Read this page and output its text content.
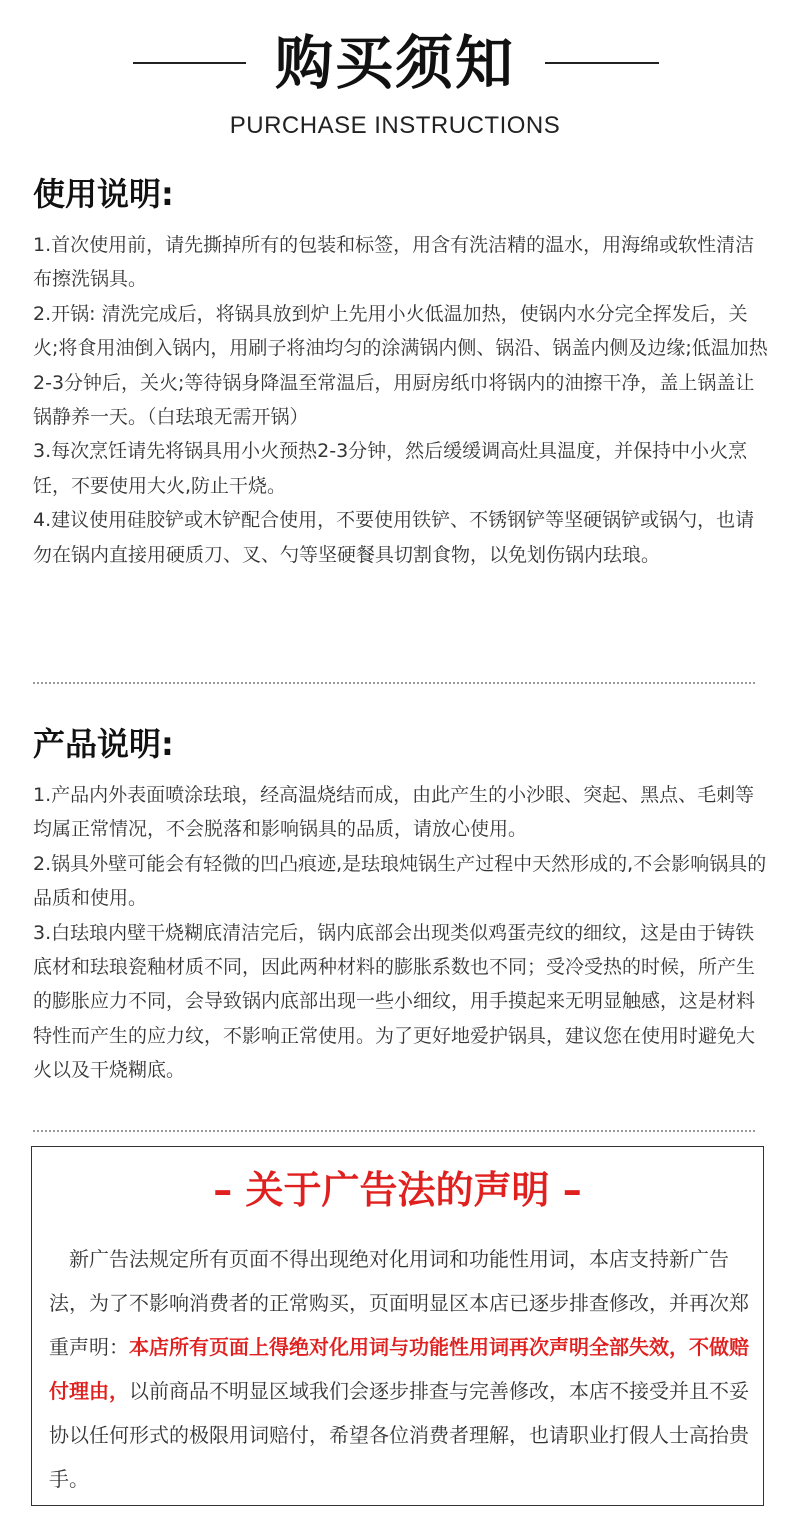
购买须知
PURCHASE INSTRUCTIONS
使用说明:

1.首次使用前，请先撕掉所有的包装和标签，用含有洗洁精的温水，用海绵或软性清洁布擦洗锅具。

2.开锅: 清洗完成后，将锅具放到炉上先用小火低温加热，使锅内水分完全挥发后，关火;将食用油倒入锅内，用刷子将油均匀的涂满锅内侧、锅沿、锅盖内侧及边缘;低温加热2-3分钟后，关火;等待锅身降温至常温后，用厨房纸巾将锅内的油擦干净，盖上锅盖让锅静养一天。（白珐琅无需开锅）

3.每次烹饪请先将锅具用小火预热2-3分钟，然后缓缓调高灶具温度，并保持中小火烹饪，不要使用大火,防止干烧。

4.建议使用硅胶铲或木铲配合使用，不要使用铁铲、不锈钢铲等坚硬锅铲或锅勺，也请勿在锅内直接用硬质刀、叉、勺等坚硬餐具切割食物，以免划伤锅内珐琅。

产品说明:

1.产品内外表面喷涂珐琅，经高温烧结而成，由此产生的小沙眼、突起、黑点、毛刺等均属正常情况，不会脱落和影响锅具的品质，请放心使用。

2.锅具外壁可能会有轻微的凹凸痕迹,是珐琅炖锅生产过程中天然形成的,不会影响锅具的品质和使用。

3.白珐琅内壁干烧糊底清洁完后，锅内底部会出现类似鸡蛋壳纹的细纹，这是由于铸铁底材和珐琅瓷釉材质不同，因此两种材料的膨胀系数也不同；受冷受热的时候，所产生的膨胀应力不同，会导致锅内底部出现一些小细纹，用手摸起来无明显触感，这是材料特性而产生的应力纹，不影响正常使用。为了更好地爱护锅具，建议您在使用时避免大火以及干烧糊底。

– 关于广告法的声明 –

新广告法规定所有页面不得出现绝对化用词和功能性用词，本店支持新广告法，为了不影响消费者的正常购买，页面明显区本店已逐步排查修改，并再次郑重声明：本店所有页面上得绝对化用词与功能性用词再次声明全部失效，不做赔付理由，以前商品不明显区域我们会逐步排查与完善修改，本店不接受并且不妥协以任何形式的极限用词赔付，希望各位消费者理解，也请职业打假人士高抬贵手。
